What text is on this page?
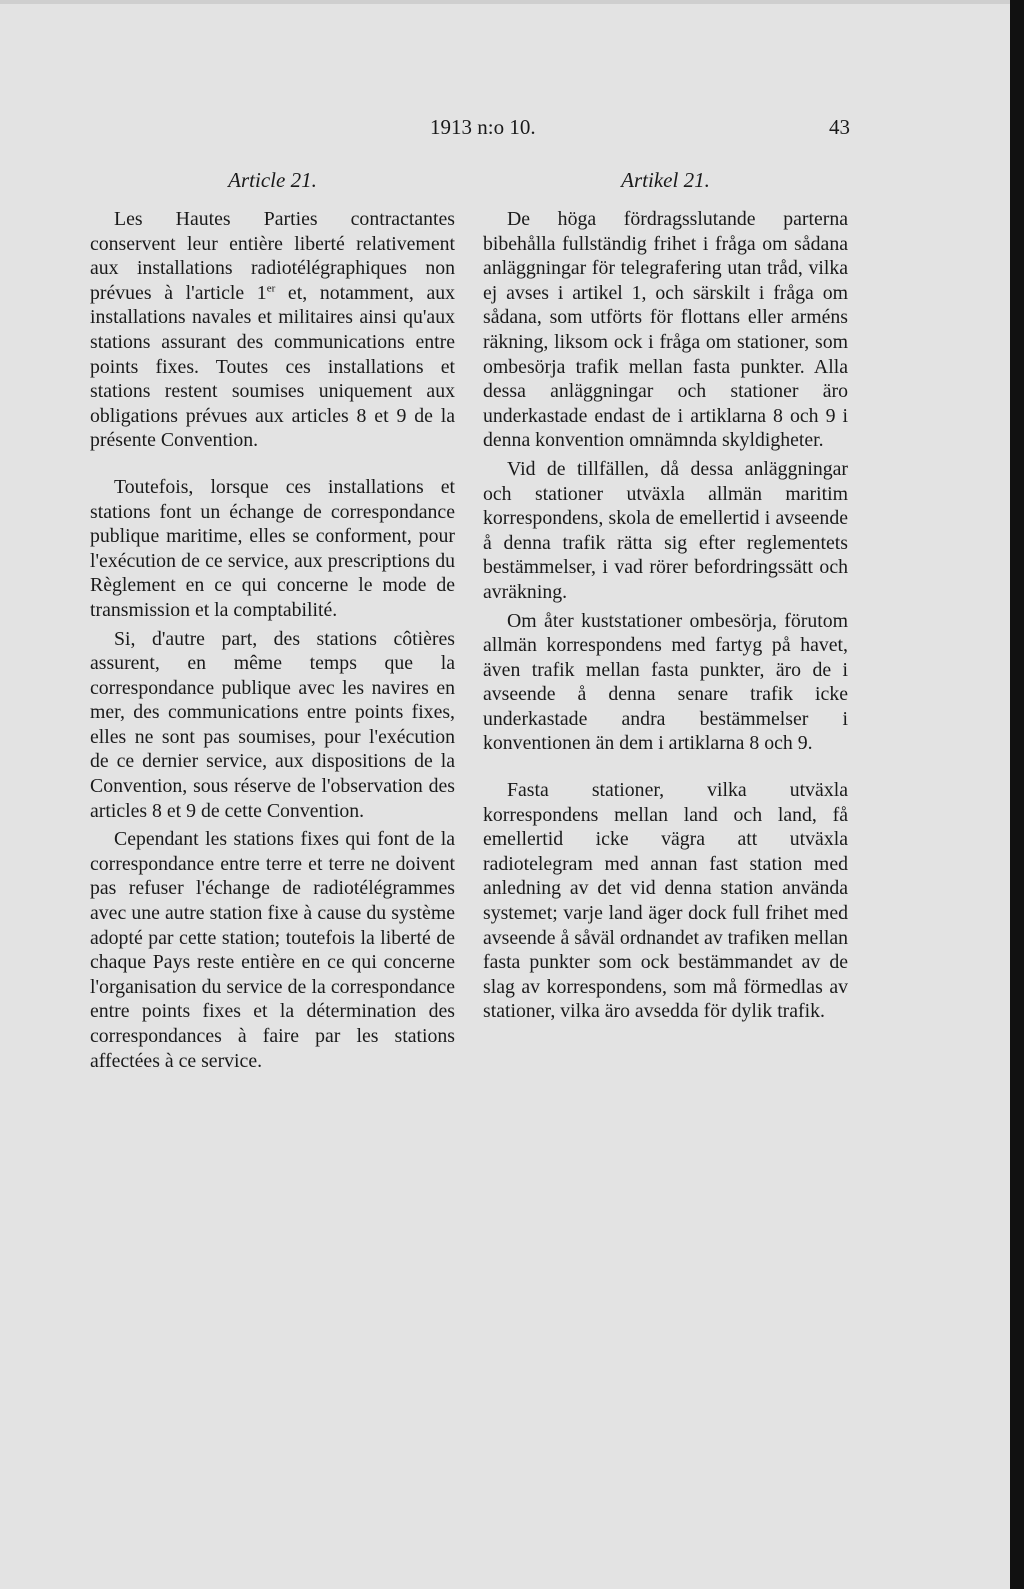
1913 n:o 10.	43
Article 21.

Les Hautes Parties contractantes conservent leur entière liberté relativement aux installations radiotélégraphiques non prévues à l'article 1er et, notamment, aux installations navales et militaires ainsi qu'aux stations assurant des communications entre points fixes. Toutes ces installations et stations restent soumises uniquement aux obligations prévues aux articles 8 et 9 de la présente Convention.

Toutefois, lorsque ces installations et stations font un échange de correspondance publique maritime, elles se conforment, pour l'exécution de ce service, aux prescriptions du Règlement en ce qui concerne le mode de transmission et la comptabilité.

Si, d'autre part, des stations côtières assurent, en même temps que la correspondance publique avec les navires en mer, des communications entre points fixes, elles ne sont pas soumises, pour l'exécution de ce dernier service, aux dispositions de la Convention, sous réserve de l'observation des articles 8 et 9 de cette Convention.

Cependant les stations fixes qui font de la correspondance entre terre et terre ne doivent pas refuser l'échange de radiotélégrammes avec une autre station fixe à cause du système adopté par cette station; toutefois la liberté de chaque Pays reste entière en ce qui concerne l'organisation du service de la correspondance entre points fixes et la détermination des correspondances à faire par les stations affectées à ce service.

Artikel 21.

De höga fördragsslutande parterna bibehålla fullständig frihet i fråga om sådana anläggningar för telegrafering utan tråd, vilka ej avses i artikel 1, och särskilt i fråga om sådana, som utförts för flottans eller arméns räkning, liksom ock i fråga om stationer, som ombesörja trafik mellan fasta punkter. Alla dessa anläggningar och stationer äro underkastade endast de i artiklarna 8 och 9 i denna konvention omnämnda skyldigheter.

Vid de tillfällen, då dessa anläggningar och stationer utväxla allmän maritim korrespondens, skola de emellertid i avseende å denna trafik rätta sig efter reglementets bestämmelser, i vad rörer befordringssätt och avräkning.

Om åter kuststationer ombesörja, förutom allmän korrespondens med fartyg på havet, även trafik mellan fasta punkter, äro de i avseende å denna senare trafik icke underkastade andra bestämmelser i konventionen än dem i artiklarna 8 och 9.

Fasta stationer, vilka utväxla korrespondens mellan land och land, få emellertid icke vägra att utväxla radiotelegram med annan fast station med anledning av det vid denna station använda systemet; varje land äger dock full frihet med avseende å såväl ordnandet av trafiken mellan fasta punkter som ock bestämmandet av de slag av korrespondens, som må förmedlas av stationer, vilka äro avsedda för dylik trafik.
